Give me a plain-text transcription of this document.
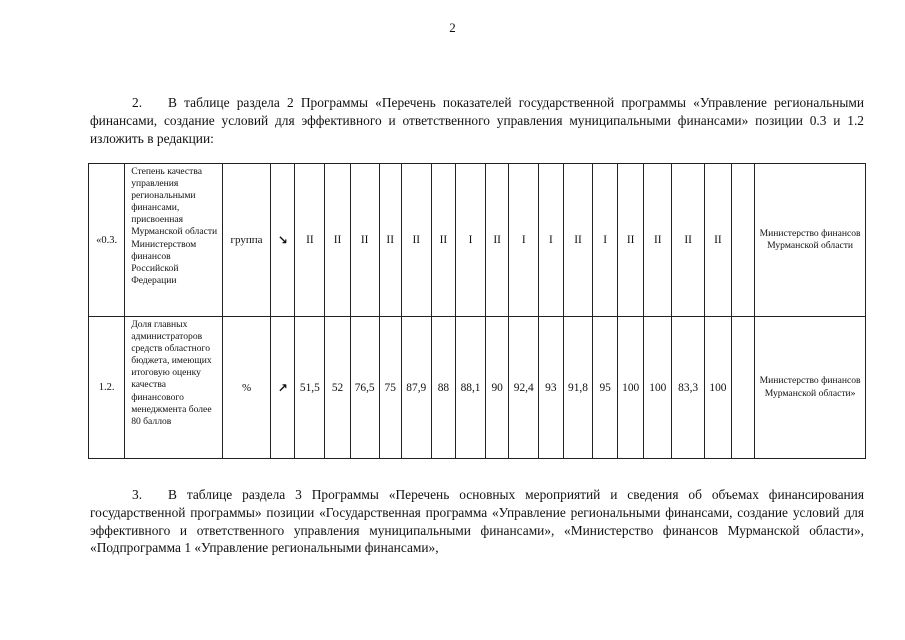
2
2. В таблице раздела 2 Программы «Перечень показателей государственной программы «Управление региональными финансами, создание условий для эффективного и ответственного управления муниципальными финансами» позиции 0.3 и 1.2 изложить в редакции:
«0.3.	Степень качества управления региональными финансами, присвоенная Мурманской области Министерством финансов Российской Федерации	группа	↘	II	II	II	II	II	II	I	II	I	I	II	I	II	II	II	II		Министерство финансов Мурманской области
1.2.	Доля главных администраторов средств областного бюджета, имеющих итоговую оценку качества финансового менеджмента более 80 баллов	%	↗	51,5	52	76,5	75	87,9	88	88,1	90	92,4	93	91,8	95	100	100	83,3	100		Министерство финансов Мурманской области»
3. В таблице раздела 3 Программы «Перечень основных мероприятий и сведения об объемах финансирования государственной программы» позиции «Государственная программа «Управление региональными финансами, создание условий для эффективного и ответственного управления муниципальными финансами», «Министерство финансов Мурманской области», «Подпрограмма 1 «Управление региональными финансами»,
